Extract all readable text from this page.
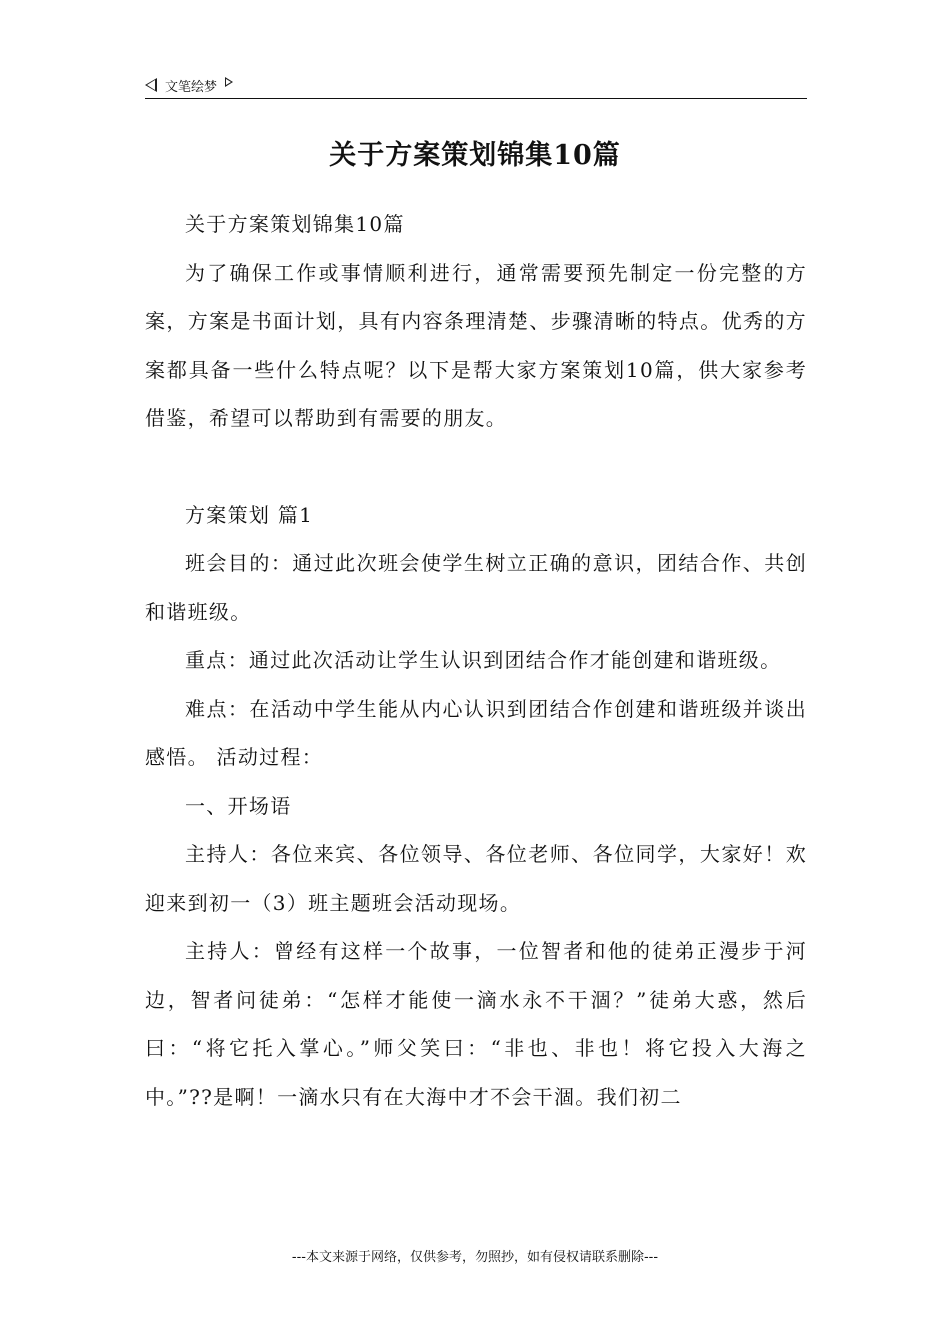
文笔绘梦
关于方案策划锦集10篇

关于方案策划锦集10篇

为了确保工作或事情顺利进行，通常需要预先制定一份完整的方案，方案是书面计划，具有内容条理清楚、步骤清晰的特点。优秀的方案都具备一些什么特点呢？以下是帮大家方案策划10篇，供大家参考借鉴，希望可以帮助到有需要的朋友。

方案策划 篇1

班会目的：通过此次班会使学生树立正确的意识，团结合作、共创和谐班级。

重点：通过此次活动让学生认识到团结合作才能创建和谐班级。

难点：在活动中学生能从内心认识到团结合作创建和谐班级并谈出感悟。 活动过程：

一、开场语

主持人：各位来宾、各位领导、各位老师、各位同学，大家好！欢迎来到初一（3）班主题班会活动现场。

主持人：曾经有这样一个故事，一位智者和他的徒弟正漫步于河边，智者问徒弟：“怎样才能使一滴水永不干涸？”徒弟大惑，然后曰：“将它托入掌心。”师父笑曰：“非也、非也！将它投入大海之中。”??是啊！一滴水只有在大海中才不会干涸。我们初二

---本文来源于网络，仅供参考，勿照抄，如有侵权请联系删除---
